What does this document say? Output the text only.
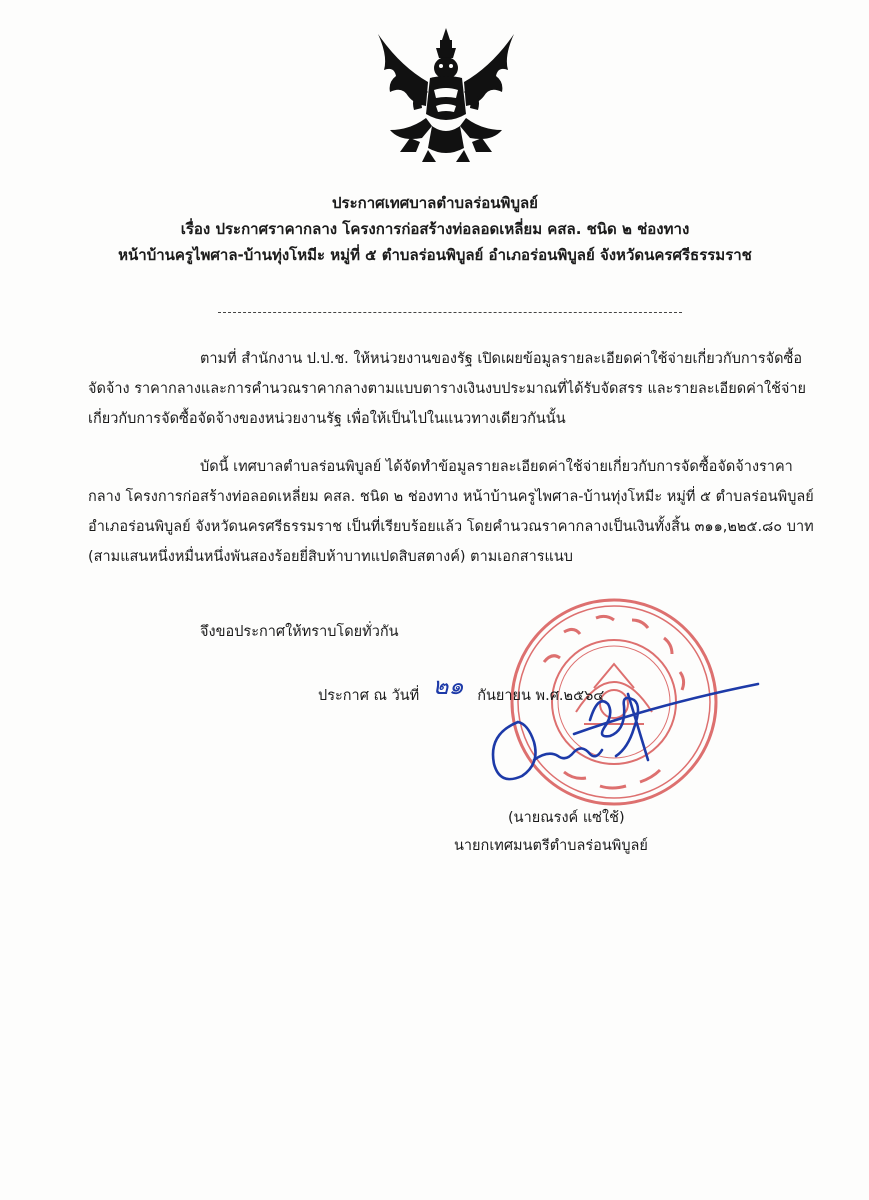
ประกาศเทศบาลตำบลร่อนพิบูลย์
เรื่อง ประกาศราคากลาง โครงการก่อสร้างท่อลอดเหลี่ยม คสล. ชนิด ๒ ช่องทาง
หน้าบ้านครูไพศาล-บ้านทุ่งโหมีะ หมู่ที่ ๕ ตำบลร่อนพิบูลย์ อำเภอร่อนพิบูลย์ จังหวัดนครศรีธรรมราช
ตามที่ สำนักงาน ป.ป.ช. ให้หน่วยงานของรัฐ เปิดเผยข้อมูลรายละเอียดค่าใช้จ่ายเกี่ยวกับการจัดซื้อ จัดจ้าง ราคากลางและการคำนวณราคากลางตามแบบตารางเงินงบประมาณที่ได้รับจัดสรร และรายละเอียดค่าใช้จ่ายเกี่ยวกับการจัดซื้อจัดจ้างของหน่วยงานรัฐ เพื่อให้เป็นไปในแนวทางเดียวกันนั้น
บัดนี้ เทศบาลตำบลร่อนพิบูลย์ ได้จัดทำข้อมูลรายละเอียดค่าใช้จ่ายเกี่ยวกับการจัดซื้อจัดจ้างราคากลาง โครงการก่อสร้างท่อลอดเหลี่ยม คสล. ชนิด ๒ ช่องทาง หน้าบ้านครูไพศาล-บ้านทุ่งโหมีะ หมู่ที่ ๕ ตำบลร่อนพิบูลย์ อำเภอร่อนพิบูลย์ จังหวัดนครศรีธรรมราช เป็นที่เรียบร้อยแล้ว โดยคำนวณราคากลางเป็นเงินทั้งสิ้น ๓๑๑,๒๒๕.๘๐ บาท (สามแสนหนึ่งหมื่นหนึ่งพันสองร้อยยี่สิบห้าบาทแปดสิบสตางค์) ตามเอกสารแนบ
จึงขอประกาศให้ทราบโดยทั่วกัน
ประกาศ ณ วันที่ ๒๑ กันยายน พ.ศ.๒๕๖๔
(นายณรงค์ แซ่ใช้)
นายกเทศมนตรีตำบลร่อนพิบูลย์
